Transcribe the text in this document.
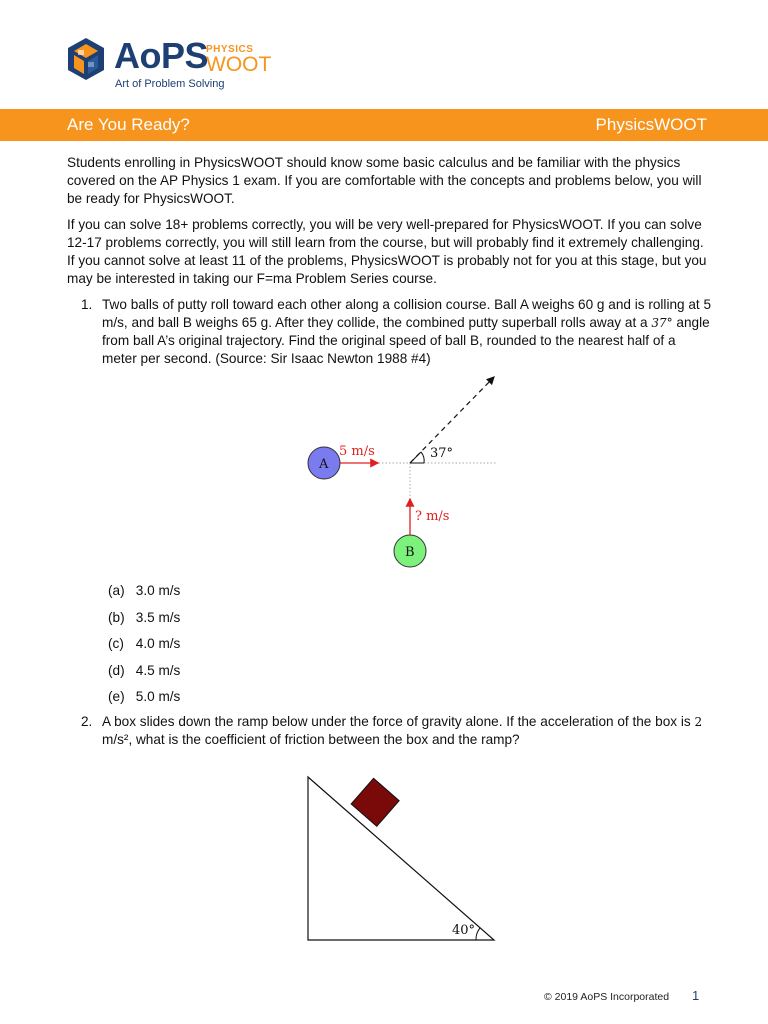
AoPS
PHYSICS
WOOT
Art of Problem Solving
Are You Ready?	PhysicsWOOT

Students enrolling in PhysicsWOOT should know some basic calculus and be familiar with the physics covered on the AP Physics 1 exam. If you are comfortable with the concepts and problems below, you will be ready for PhysicsWOOT.

If you can solve 18+ problems correctly, you will be very well-prepared for PhysicsWOOT. If you can solve 12-17 problems correctly, you will still learn from the course, but will probably find it extremely challenging. If you cannot solve at least 11 of the problems, PhysicsWOOT is probably not for you at this stage, but you may be interested in taking our F=ma Problem Series course.

1. Two balls of putty roll toward each other along a collision course. Ball A weighs 60 g and is rolling at 5 m/s, and ball B weighs 65 g. After they collide, the combined putty superball rolls away at a 37° angle from ball A’s original trajectory. Find the original speed of ball B, rounded to the nearest half of a meter per second. (Source: Sir Isaac Newton 1988 #4)
37°
A
5 m/s
B
? m/s
(a) 3.0 m/s
(b) 3.5 m/s
(c) 4.0 m/s
(d) 4.5 m/s
(e) 5.0 m/s
2. A box slides down the ramp below under the force of gravity alone. If the acceleration of the box is 2 m/s², what is the coefficient of friction between the box and the ramp?
40°
© 2019 AoPS Incorporated 1
